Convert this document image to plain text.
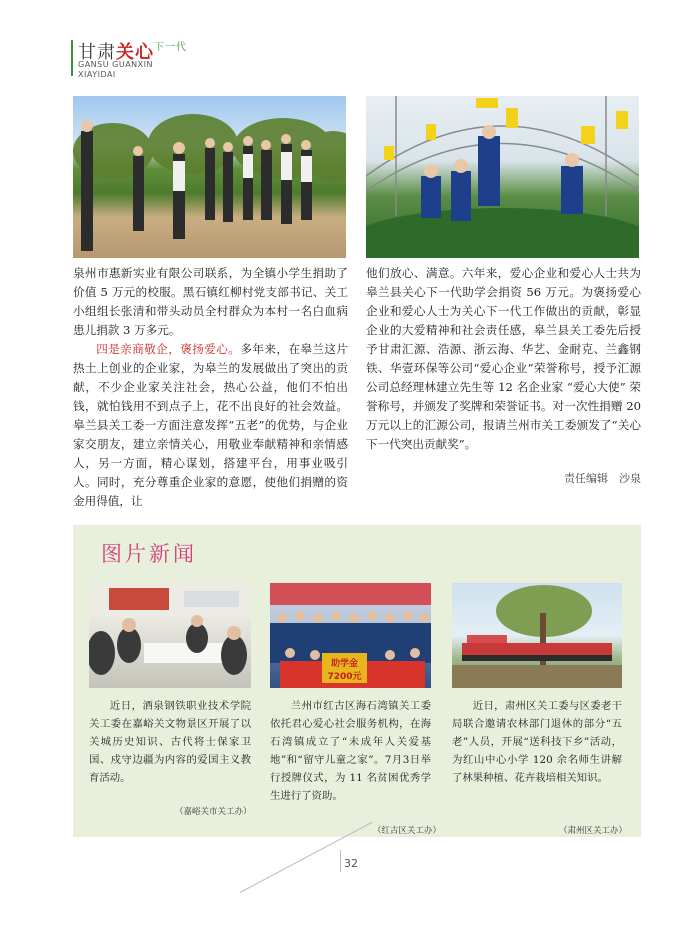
甘肃关心$^{下一代}$
GANSU GUANXIN
XIAYIDAI

泉州市惠新实业有限公司联系，为全镇小学生捐助了价值 5 万元的校服。黑石镇红柳村党支部书记、关工小组组长张清和带头动员全村群众为本村一名白血病患儿捐款 3 万多元。

四是亲商敬企，褒扬爱心。多年来，在皋兰这片热土上创业的企业家，为皋兰的发展做出了突出的贡献，不少企业家关注社会，热心公益，他们不怕出钱，就怕钱用不到点子上，花不出良好的社会效益。皋兰县关工委一方面注意发挥“五老”的优势，与企业家交朋友，建立亲情关心，用敬业奉献精神和亲情感人，另一方面，精心谋划，搭建平台，用事业吸引人。同时，充分尊重企业家的意愿，使他们捐赠的资金用得值，让

他们放心、满意。六年来，爱心企业和爱心人士共为皋兰县关心下一代助学会捐资 56 万元。为褒扬爱心企业和爱心人士为关心下一代工作做出的贡献，彰显企业的大爱精神和社会责任感，皋兰县关工委先后授予甘肃汇源、浩源、浙云海、华艺、金耐克、兰鑫钢铁、华壹环保等公司“爱心企业”荣誉称号，授予汇源公司总经理林建立先生等 12 名企业家 “爱心大使” 荣誉称号，并颁发了奖牌和荣誉证书。对一次性捐赠 20 万元以上的汇源公司，报请兰州市关工委颁发了“关心下一代突出贡献奖”。

责任编辑　沙泉
图片新闻
助学金
7200元
近日，酒泉钢铁职业技术学院关工委在嘉峪关文物景区开展了以关城历史知识、古代将士保家卫国、戍守边疆为内容的爱国主义教育活动。
兰州市红古区海石湾镇关工委依托君心爱心社会服务机构，在海石湾镇成立了“未成年人关爱基地”和“留守儿童之家”。7月3日举行授牌仪式，为 11 名贫困优秀学生进行了资助。
近日，肃州区关工委与区委老干局联合邀请农林部门退休的部分“五老”人员，开展“送科技下乡”活动，为红山中心小学 120 余名师生讲解了林果种植、花卉栽培相关知识。
（嘉峪关市关工办）
（红古区关工办）	（肃州区关工办）
32
